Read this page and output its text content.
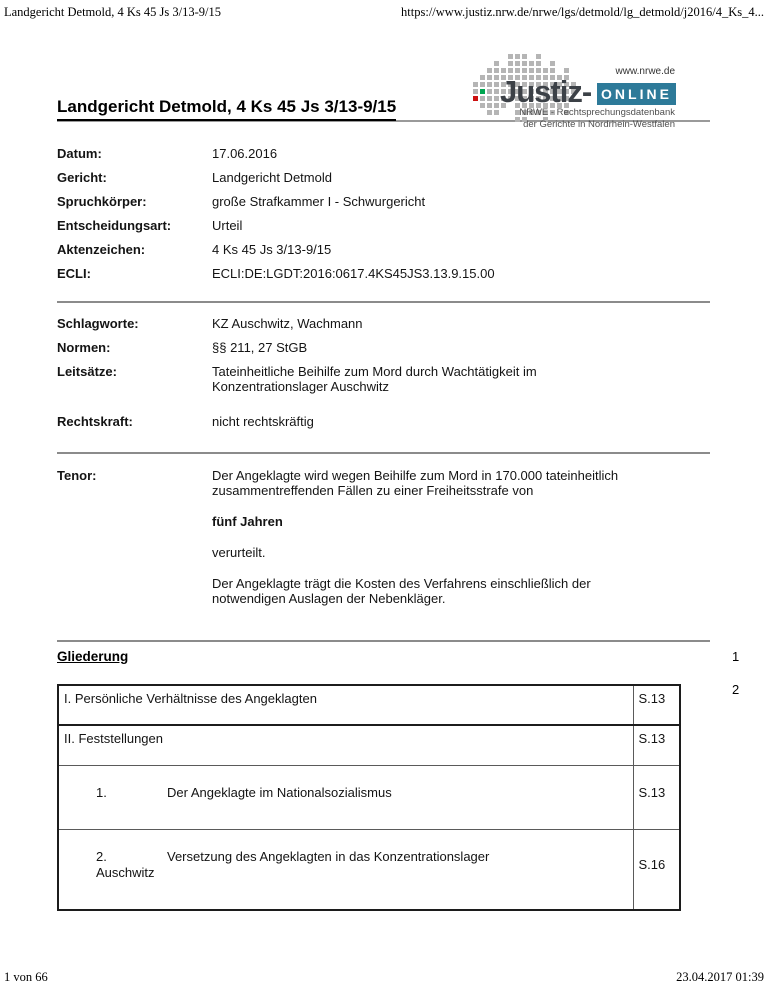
Landgericht Detmold, 4 Ks 45 Js 3/13-9/15	https://www.justiz.nrw.de/nrwe/lgs/detmold/lg_detmold/j2016/4_Ks_4...
Landgericht Detmold, 4 Ks 45 Js 3/13-9/15
www.nrwe.de
Justiz- ONLINE
NRWE - Rechtsprechungsdatenbank
der Gerichte in Nordrhein-Westfalen
Datum:	17.06.2016
Gericht:	Landgericht Detmold
Spruchkörper:	große Strafkammer I - Schwurgericht
Entscheidungsart:	Urteil
Aktenzeichen:	4 Ks 45 Js 3/13-9/15
ECLI:	ECLI:DE:LGDT:2016:0617.4KS45JS3.13.9.15.00
Schlagworte:	KZ Auschwitz, Wachmann
Normen:	§§ 211, 27 StGB
Leitsätze:	Tateinheitliche Beihilfe zum Mord durch Wachtätigkeit im
Konzentrationslager Auschwitz
Rechtskraft:	nicht rechtskräftig
Tenor:	Der Angeklagte wird wegen Beihilfe zum Mord in 170.000 tateinheitlich
zusammentreffenden Fällen zu einer Freiheitsstrafe von

fünf Jahren

verurteilt.

Der Angeklagte trägt die Kosten des Verfahrens einschließlich der
notwendigen Auslagen der Nebenkläger.

Gliederung	1
2
I. Persönliche Verhältnisse des Angeklagten	S.13
II. Feststellungen	S.13
1. Der Angeklagte im Nationalsozialismus	S.13
2. Versetzung des Angeklagten in das Konzentrationslager
Auschwitz	S.16
1 von 66	23.04.2017 01:39
